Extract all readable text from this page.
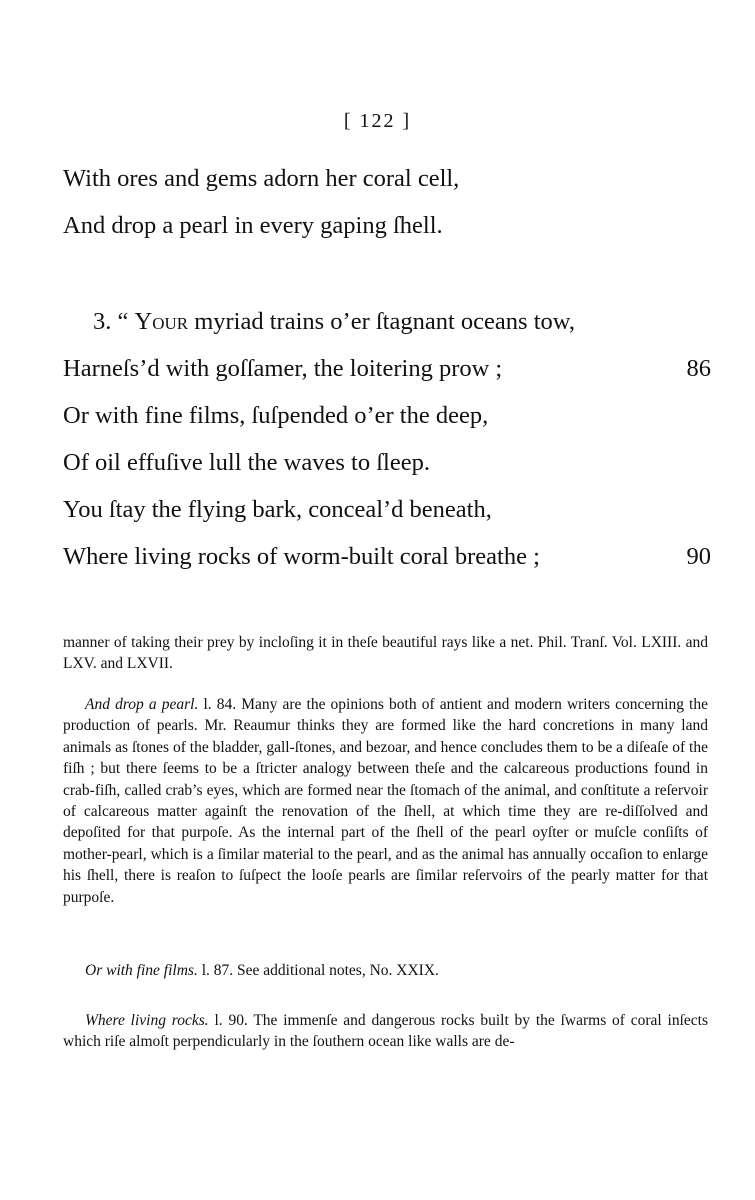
[ 122 ]
With ores and gems adorn her coral cell,
And drop a pearl in every gaping ſhell.
3. “ Your myriad trains o’er ſtagnant oceans tow,
Harneſs’d with goſſamer, the loitering prow ;	86
Or with fine films, ſuſpended o’er the deep,
Of oil effuſive lull the waves to ſleep.
You ſtay the flying bark, conceal’d beneath,
Where living rocks of worm-built coral breathe ;	90

manner of taking their prey by incloſing it in theſe beautiful rays like a net. Phil. Tranſ. Vol. LXIII. and LXV. and LXVII.

And drop a pearl. l. 84. Many are the opinions both of antient and modern writers concerning the production of pearls. Mr. Reaumur thinks they are formed like the hard concretions in many land animals as ſtones of the bladder, gall-ſtones, and bezoar, and hence concludes them to be a diſeaſe of the fiſh ; but there ſeems to be a ſtricter analogy between theſe and the calcareous productions found in crab-fiſh, called crab’s eyes, which are formed near the ſtomach of the animal, and conſtitute a reſervoir of calcareous matter againſt the renovation of the ſhell, at which time they are re-diſſolved and depoſited for that purpoſe. As the internal part of the ſhell of the pearl oyſter or muſcle conſiſts of mother-pearl, which is a ſimilar material to the pearl, and as the animal has annually occaſion to enlarge his ſhell, there is reaſon to ſuſpect the looſe pearls are ſimilar reſervoirs of the pearly matter for that purpoſe.

Or with fine films. l. 87. See additional notes, No. XXIX.

Where living rocks. l. 90. The immenſe and dangerous rocks built by the ſwarms of coral inſects which riſe almoſt perpendicularly in the ſouthern ocean like walls are de-
